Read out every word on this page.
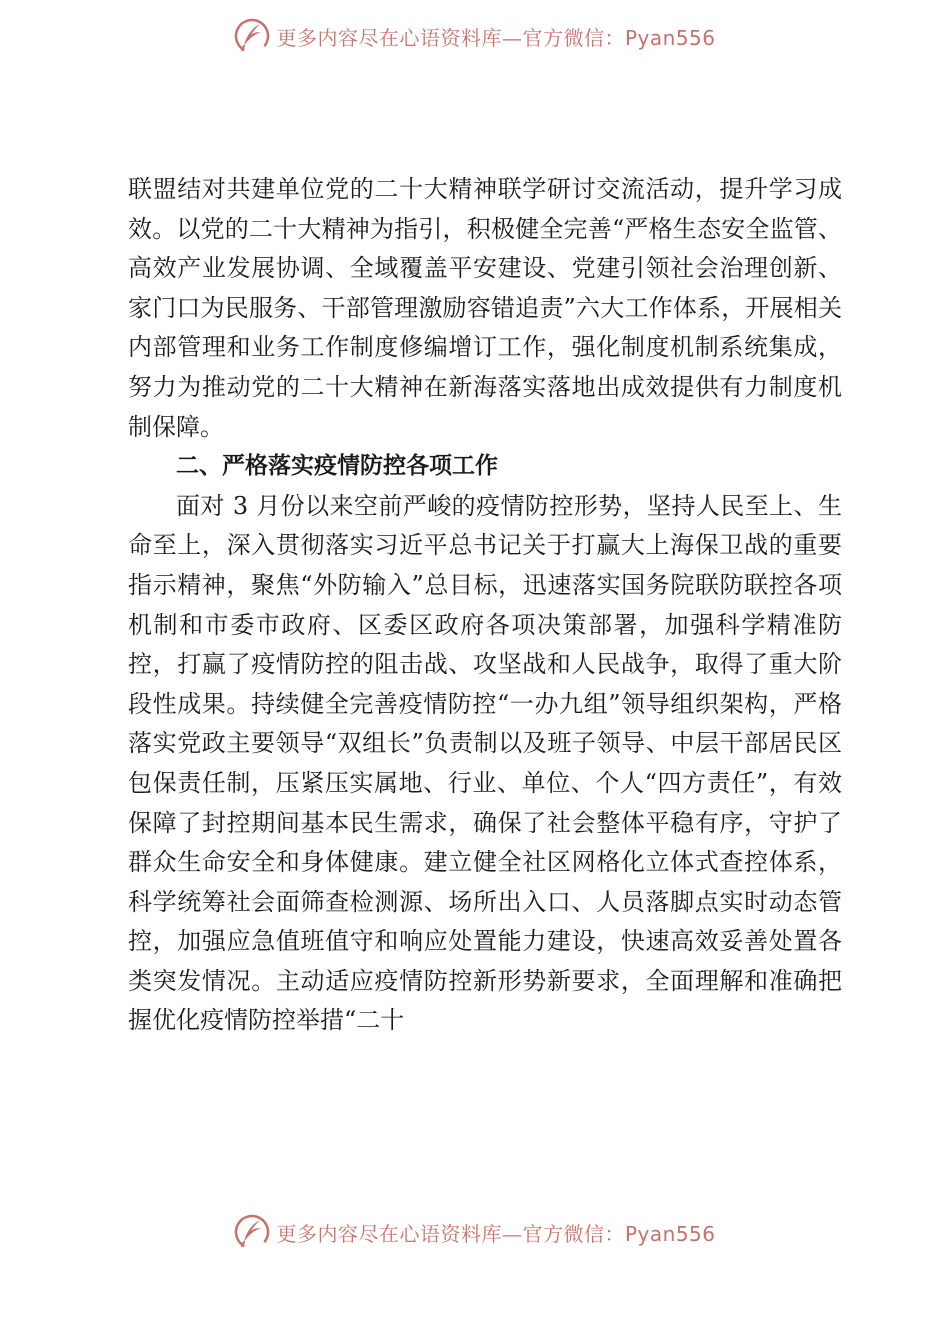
更多内容尽在心语资料库—官方微信：Pyan556

联盟结对共建单位党的二十大精神联学研讨交流活动，提升学习成效。以党的二十大精神为指引，积极健全完善“严格生态安全监管、高效产业发展协调、全域覆盖平安建设、党建引领社会治理创新、家门口为民服务、干部管理激励容错追责”六大工作体系，开展相关内部管理和业务工作制度修编增订工作，强化制度机制系统集成，努力为推动党的二十大精神在新海落实落地出成效提供有力制度机制保障。

二、严格落实疫情防控各项工作

面对 3 月份以来空前严峻的疫情防控形势，坚持人民至上、生命至上，深入贯彻落实习近平总书记关于打赢大上海保卫战的重要指示精神，聚焦“外防输入”总目标，迅速落实国务院联防联控各项机制和市委市政府、区委区政府各项决策部署，加强科学精准防控，打赢了疫情防控的阻击战、攻坚战和人民战争，取得了重大阶段性成果。持续健全完善疫情防控“一办九组”领导组织架构，严格落实党政主要领导“双组长”负责制以及班子领导、中层干部居民区包保责任制，压紧压实属地、行业、单位、个人“四方责任”，有效保障了封控期间基本民生需求，确保了社会整体平稳有序，守护了群众生命安全和身体健康。建立健全社区网格化立体式查控体系，科学统筹社会面筛查检测源、场所出入口、人员落脚点实时动态管控，加强应急值班值守和响应处置能力建设，快速高效妥善处置各类突发情况。主动适应疫情防控新形势新要求，全面理解和准确把握优化疫情防控举措“二十

更多内容尽在心语资料库—官方微信：Pyan556
